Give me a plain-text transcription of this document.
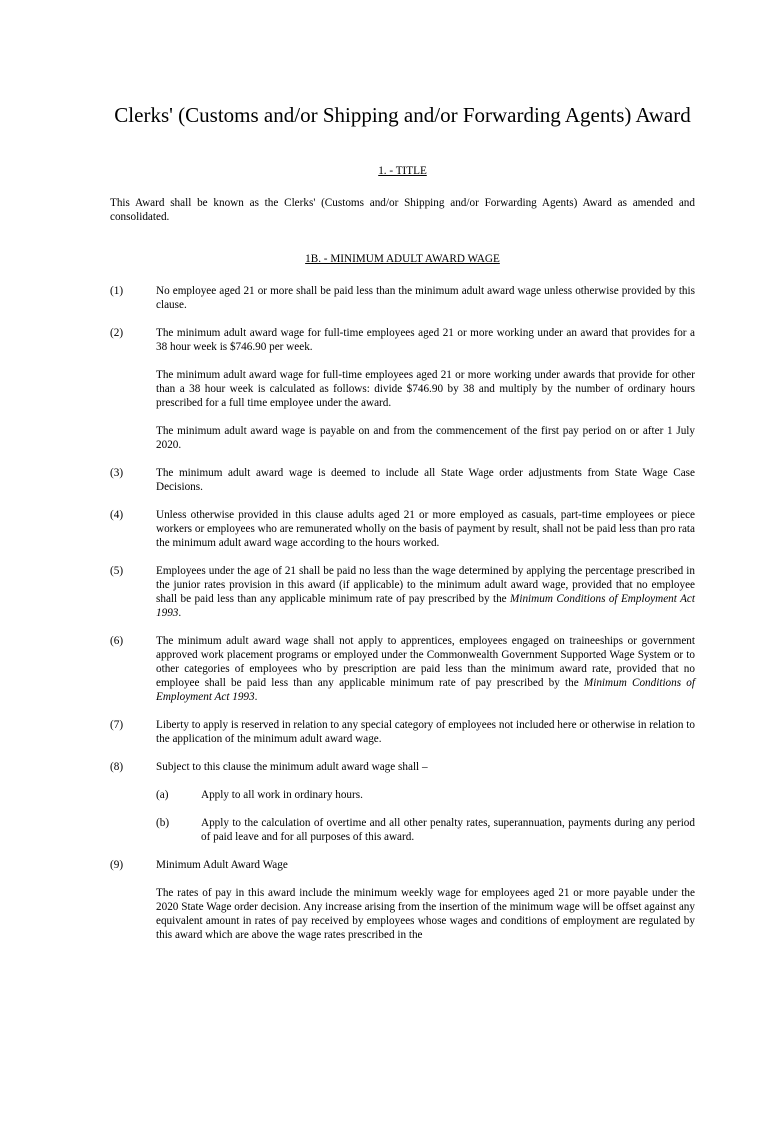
Clerks' (Customs and/or Shipping and/or Forwarding Agents) Award

1. - TITLE

This Award shall be known as the Clerks' (Customs and/or Shipping and/or Forwarding Agents) Award as amended and consolidated.

1B. - MINIMUM ADULT AWARD WAGE

(1)	No employee aged 21 or more shall be paid less than the minimum adult award wage unless otherwise provided by this clause.
(2)	The minimum adult award wage for full-time employees aged 21 or more working under an award that provides for a 38 hour week is $746.90 per week.

The minimum adult award wage for full-time employees aged 21 or more working under awards that provide for other than a 38 hour week is calculated as follows: divide $746.90 by 38 and multiply by the number of ordinary hours prescribed for a full time employee under the award.

The minimum adult award wage is payable on and from the commencement of the first pay period on or after 1 July 2020.

(3)	The minimum adult award wage is deemed to include all State Wage order adjustments from State Wage Case Decisions.
(4)	Unless otherwise provided in this clause adults aged 21 or more employed as casuals, part-time employees or piece workers or employees who are remunerated wholly on the basis of payment by result, shall not be paid less than pro rata the minimum adult award wage according to the hours worked.
(5)	Employees under the age of 21 shall be paid no less than the wage determined by applying the percentage prescribed in the junior rates provision in this award (if applicable) to the minimum adult award wage, provided that no employee shall be paid less than any applicable minimum rate of pay prescribed by the Minimum Conditions of Employment Act 1993.
(6)	The minimum adult award wage shall not apply to apprentices, employees engaged on traineeships or government approved work placement programs or employed under the Commonwealth Government Supported Wage System or to other categories of employees who by prescription are paid less than the minimum award rate, provided that no employee shall be paid less than any applicable minimum rate of pay prescribed by the Minimum Conditions of Employment Act 1993.
(7)	Liberty to apply is reserved in relation to any special category of employees not included here or otherwise in relation to the application of the minimum adult award wage.
(8)	Subject to this clause the minimum adult award wage shall –
(a)	Apply to all work in ordinary hours.
(b)	Apply to the calculation of overtime and all other penalty rates, superannuation, payments during any period of paid leave and for all purposes of this award.
(9)	Minimum Adult Award Wage

The rates of pay in this award include the minimum weekly wage for employees aged 21 or more payable under the 2020 State Wage order decision. Any increase arising from the insertion of the minimum wage will be offset against any equivalent amount in rates of pay received by employees whose wages and conditions of employment are regulated by this award which are above the wage rates prescribed in the
